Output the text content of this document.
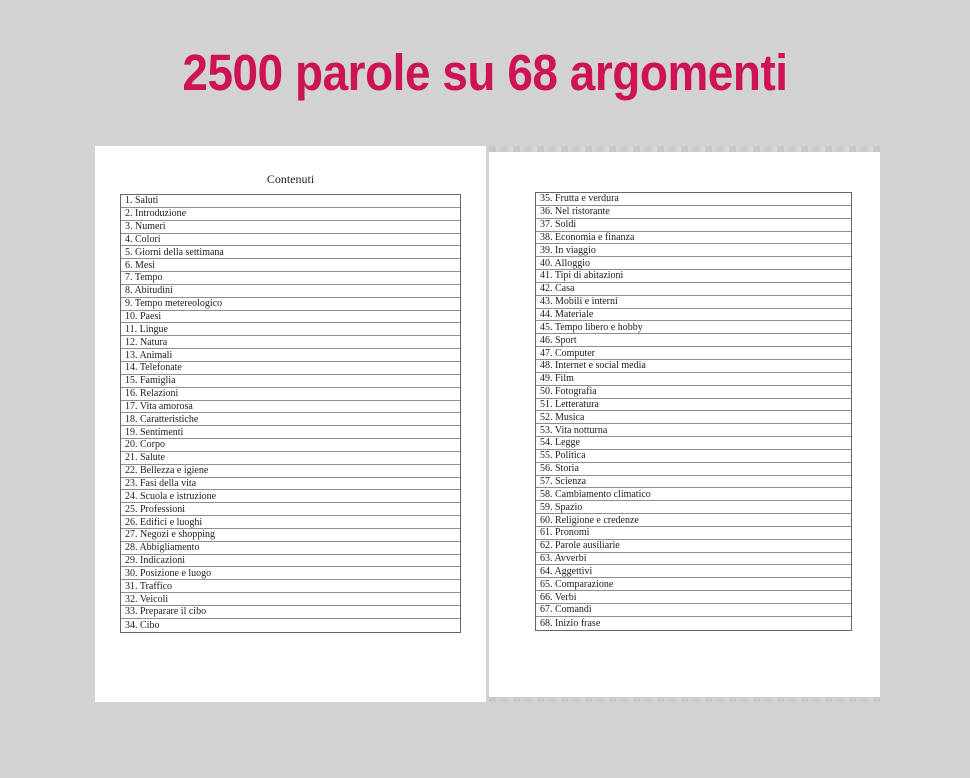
2500 parole su 68 argomenti
Contenuti
1. Saluti
2. Introduzione
3. Numeri
4. Colori
5. Giorni della settimana
6. Mesi
7. Tempo
8. Abitudini
9. Tempo metereologico
10. Paesi
11. Lingue
12. Natura
13. Animali
14. Telefonate
15. Famiglia
16. Relazioni
17. Vita amorosa
18. Caratteristiche
19. Sentimenti
20. Corpo
21. Salute
22. Bellezza e igiene
23. Fasi della vita
24. Scuola e istruzione
25. Professioni
26. Edifici e luoghi
27. Negozi e shopping
28. Abbigliamento
29. Indicazioni
30. Posizione e luogo
31. Traffico
32. Veicoli
33. Preparare il cibo
34. Cibo
35. Frutta e verdura
36. Nel ristorante
37. Soldi
38. Economia e finanza
39. In viaggio
40. Alloggio
41. Tipi di abitazioni
42. Casa
43. Mobili e interni
44. Materiale
45. Tempo libero e hobby
46. Sport
47. Computer
48. Internet e social media
49. Film
50. Fotografia
51. Letteratura
52. Musica
53. Vita notturna
54. Legge
55. Politica
56. Storia
57. Scienza
58. Cambiamento climatico
59. Spazio
60. Religione e credenze
61. Pronomi
62. Parole ausiliarie
63. Avverbi
64. Aggettivi
65. Comparazione
66. Verbi
67. Comandi
68. Inizio frase
